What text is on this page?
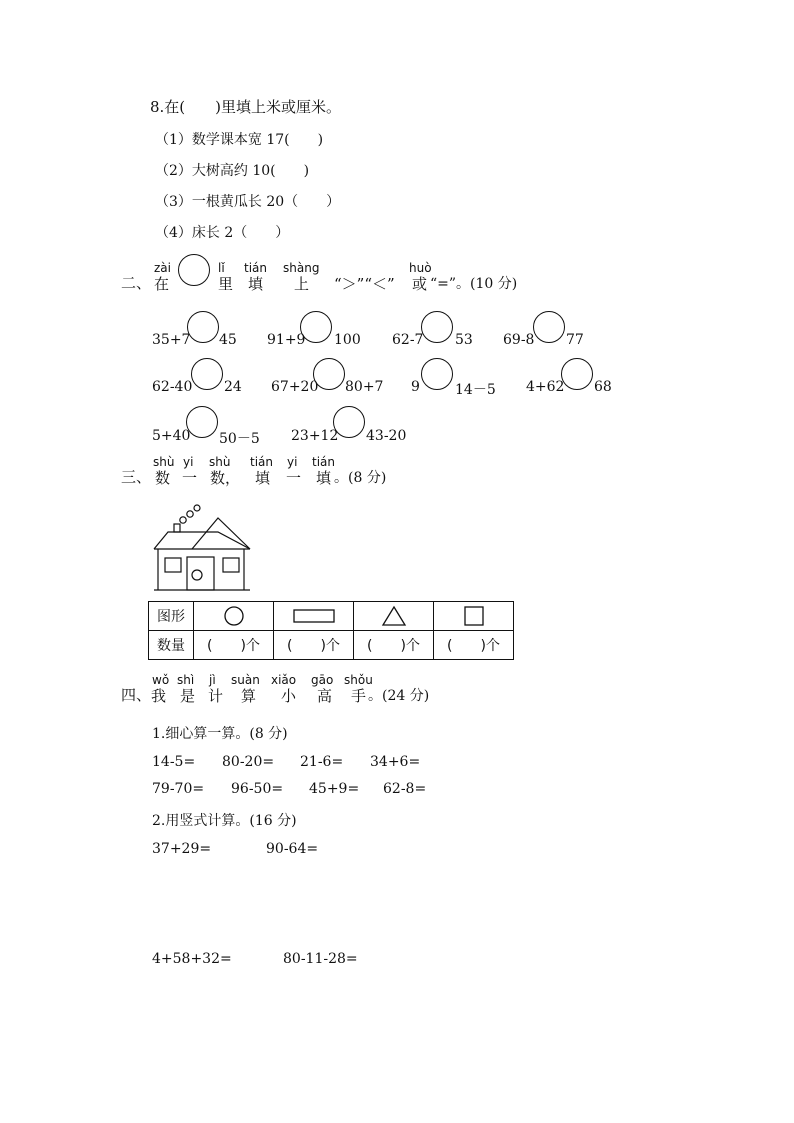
8.在(　　)里填上米或厘米。
（1）数学课本宽 17(　　)
（2）大树高约 10(　　)
（3）一根黄瓜长 20（　　）
（4）床长 2（　　）
二、
zài
在
lǐ
里
tián
填
shàng
上 “＞”“＜”
huò
或 “=”。(10 分)
35+7 45 91+9 100 62-7 53 69-8 77
62-40 24 67+20 80+7 9	14－5 4+62 68
5+40 50－5 23+12 43-20
三、
shù
数
yi
一
shù
数，
tián
填
yi
一
tián
填 。(8 分)
图形				
数量	(　　)个	(　　)个	(　　)个	(　　)个
四、
wǒ
我
shì
是
jì
计
suàn
算
xiǎo
小
gāo
高
shǒu
手 。(24 分)
1.细心算一算。(8 分)
14-5= 80-20= 21-6= 34+6=
79-70= 96-50= 45+9= 62-8=
2.用竖式计算。(16 分)
37+29=	90-64=
4+58+32=	80-11-28=
